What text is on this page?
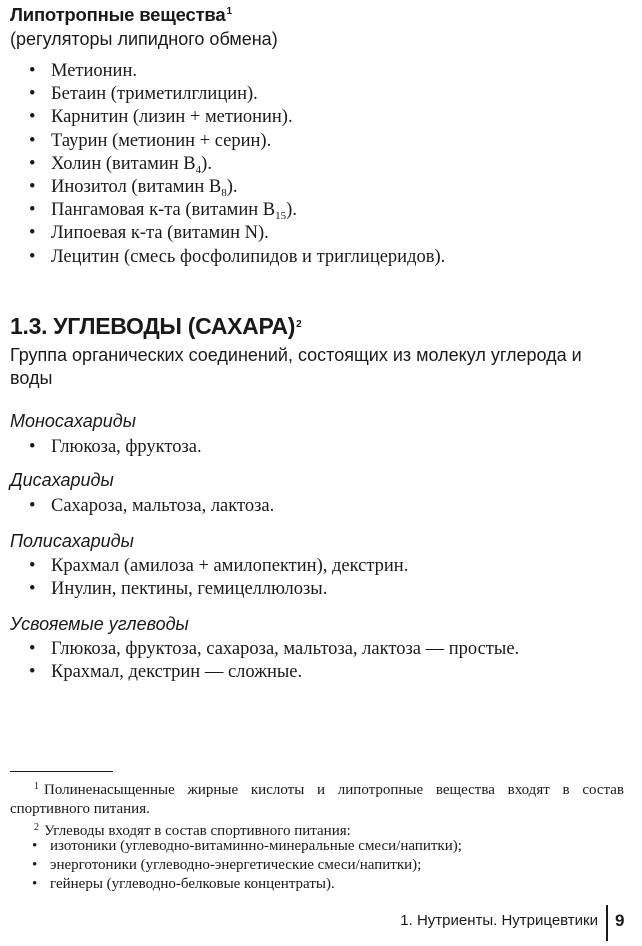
Липотропные вещества$^1$
(регуляторы липидного обмена)
• Метионин.
• Бетаин (триметилглицин).
• Карнитин (лизин + метионин).
• Таурин (метионин + серин).
• Холин (витамин $B_4$).
• Инозитол (витамин $B_8$).
• Пангамовая к-та (витамин $B_{15}$).
• Липоевая к-та (витамин N).
• Лецитин (смесь фосфолипидов и триглицеридов).
1.3. УГЛЕВОДЫ (САХАРА)$^2$
Группа органических соединений, состоящих из молекул углерода и воды
Моносахариды
• Глюкоза, фруктоза.
Дисахариды
• Сахароза, мальтоза, лактоза.
Полисахариды
• Крахмал (амилоза + амилопектин), декстрин.
• Инулин, пектины, гемицеллюлозы.
Усвояемые углеводы
• Глюкоза, фруктоза, сахароза, мальтоза, лактоза — простые.
• Крахмал, декстрин — сложные.
$^1$ Полиненасыщенные жирные кислоты и липотропные вещества входят в состав спортивного питания.
$^2$ Углеводы входят в состав спортивного питания:
• изотоники (углеводно-витаминно-минеральные смеси/напитки);
• энерготоники (углеводно-энергетические смеси/напитки);
• гейнеры (углеводно-белковые концентраты).
1. Нутриенты. Нутрицевтики 9
